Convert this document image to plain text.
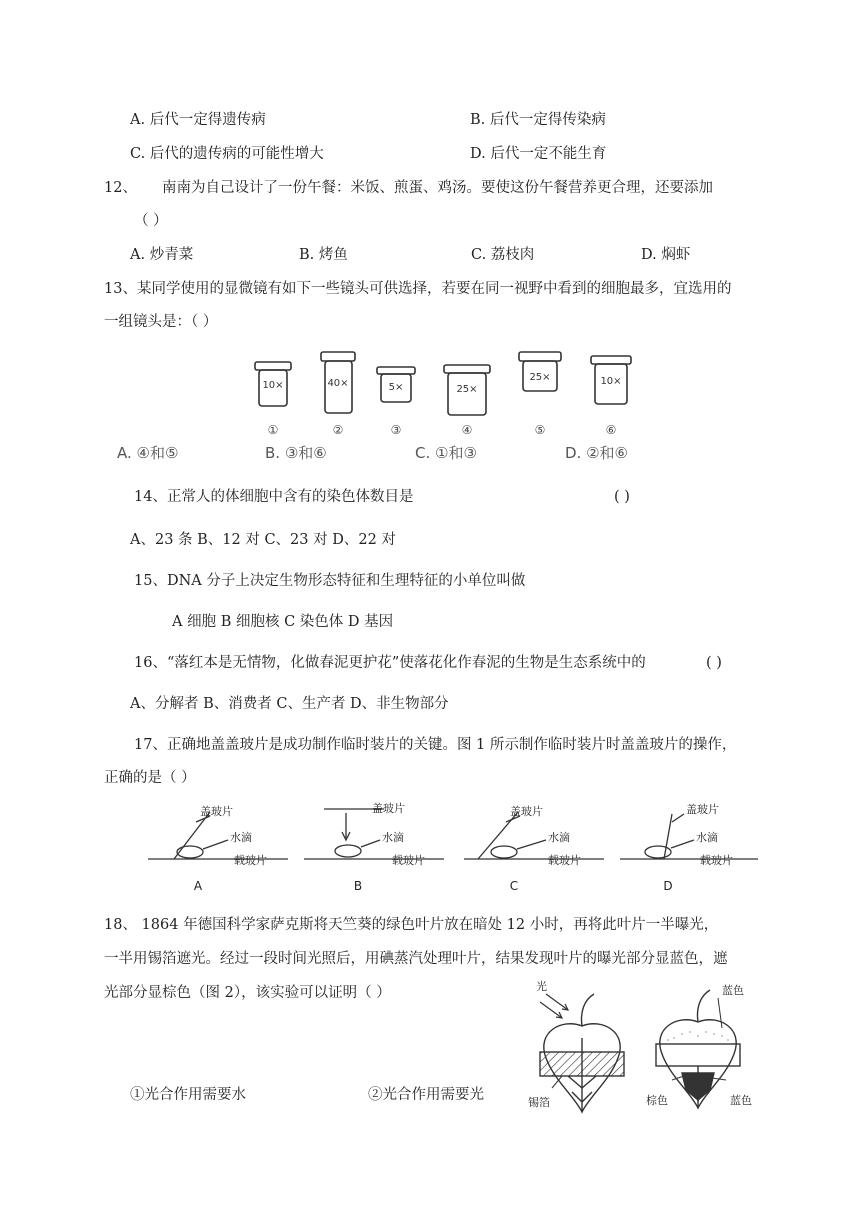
A. 后代一定得遗传病	B. 后代一定得传染病
C. 后代的遗传病的可能性增大	D. 后代一定不能生育
12、 南南为自己设计了一份午餐：米饭、煎蛋、鸡汤。要使这份午餐营养更合理，还要添加
（ ）
A. 炒青菜	B. 烤鱼	C. 荔枝肉	D. 焖虾
13、某同学使用的显微镜有如下一些镜头可供选择，若要在同一视野中看到的细胞最多，宜选用的
一组镜头是：（ ）
10×	40×	5×	25×
25×	10×
①	②	③	④	⑤	⑥
A. ④和⑤	B. ③和⑥	C. ①和③	D. ②和⑥
14、正常人的体细胞中含有的染色体数目是	( )
A、23 条 B、12 对 C、23 对 D、22 对
15、DNA 分子上决定生物形态特征和生理特征的小单位叫做
A 细胞 B 细胞核 C 染色体 D 基因
16、“落红本是无情物，化做春泥更护花”使落花化作春泥的生物是生态系统中的	( )
A、分解者 B、消费者 C、生产者 D、非生物部分
17、正确地盖盖玻片是成功制作临时装片的关键。图 1 所示制作临时装片时盖盖玻片的操作，
正确的是（ ）
盖玻片
水滴
载玻片
盖玻片
水滴
载玻片
盖玻片
水滴
载玻片
盖玻片
水滴
载玻片
A	B	C	D
18、 1864 年德国科学家萨克斯将天竺葵的绿色叶片放在暗处 12 小时，再将此叶片一半曝光，
一半用锡箔遮光。经过一段时间光照后，用碘蒸汽处理叶片，结果发现叶片的曝光部分显蓝色，遮
光部分显棕色（图 2），该实验可以证明（ ）
①光合作用需要水	②光合作用需要光
光
锡箔
蓝色
棕色	蓝色
